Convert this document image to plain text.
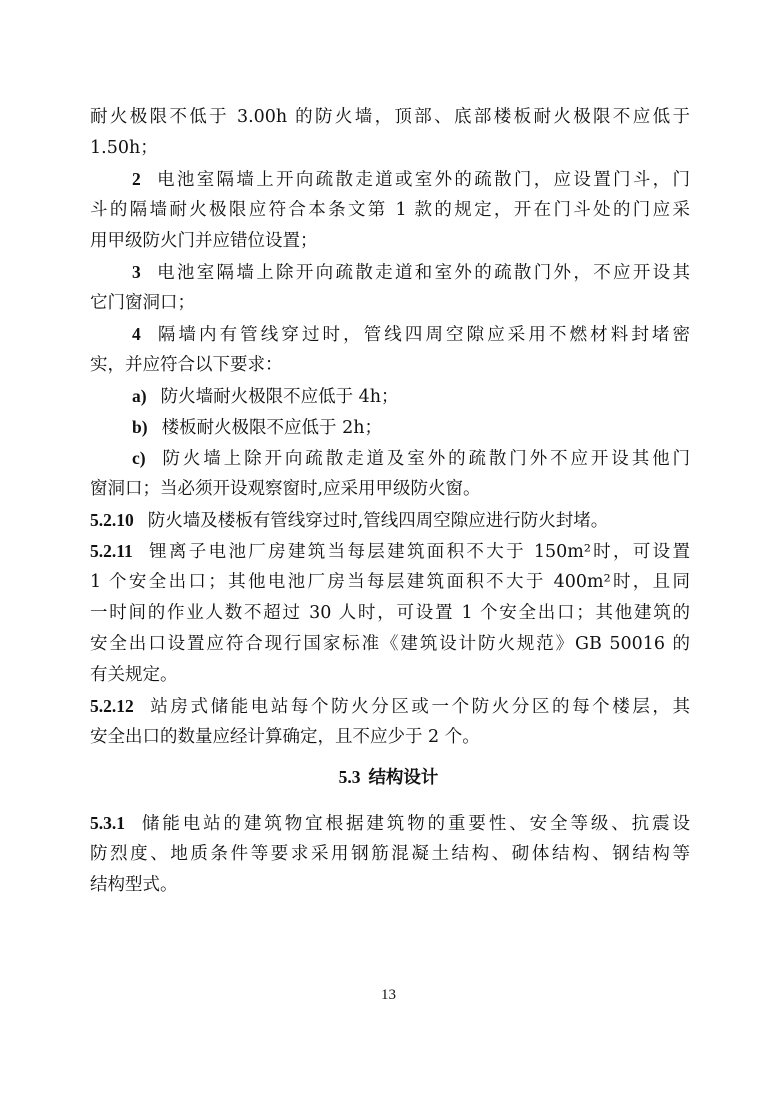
耐火极限不低于 3.00h 的防火墙，顶部、底部楼板耐火极限不应低于
1.50h；
2 电池室隔墙上开向疏散走道或室外的疏散门，应设置门斗，门
斗的隔墙耐火极限应符合本条文第 1 款的规定，开在门斗处的门应采
用甲级防火门并应错位设置；
3 电池室隔墙上除开向疏散走道和室外的疏散门外，不应开设其
它门窗洞口；
4 隔墙内有管线穿过时，管线四周空隙应采用不燃材料封堵密
实，并应符合以下要求：
a) 防火墙耐火极限不应低于 4h；
b) 楼板耐火极限不应低于 2h；
c) 防火墙上除开向疏散走道及室外的疏散门外不应开设其他门
窗洞口；当必须开设观察窗时,应采用甲级防火窗。
5.2.10 防火墙及楼板有管线穿过时,管线四周空隙应进行防火封堵。
5.2.11 锂离子电池厂房建筑当每层建筑面积不大于 150m²时，可设置
1 个安全出口；其他电池厂房当每层建筑面积不大于 400m²时，且同
一时间的作业人数不超过 30 人时，可设置 1 个安全出口；其他建筑的
安全出口设置应符合现行国家标准《建筑设计防火规范》GB 50016 的
有关规定。
5.2.12 站房式储能电站每个防火分区或一个防火分区的每个楼层，其
安全出口的数量应经计算确定，且不应少于 2 个。
5.3 结构设计
5.3.1 储能电站的建筑物宜根据建筑物的重要性、安全等级、抗震设
防烈度、地质条件等要求采用钢筋混凝土结构、砌体结构、钢结构等
结构型式。
13
